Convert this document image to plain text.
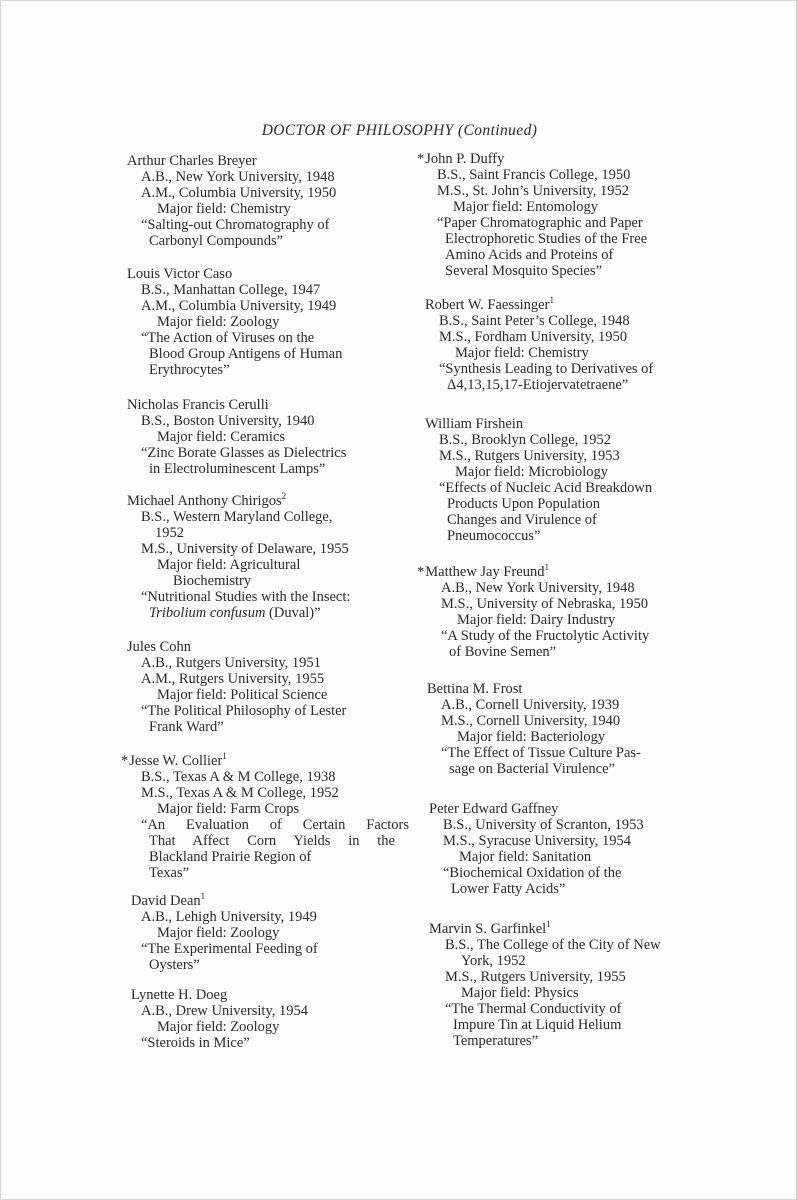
DOCTOR OF PHILOSOPHY (Continued)
Arthur Charles Breyer
A.B., New York University, 1948
A.M., Columbia University, 1950
Major field: Chemistry
“Salting-out Chromatography of
Carbonyl Compounds”
Louis Victor Caso
B.S., Manhattan College, 1947
A.M., Columbia University, 1949
Major field: Zoology
“The Action of Viruses on the
Blood Group Antigens of Human
Erythrocytes”
Nicholas Francis Cerulli
B.S., Boston University, 1940
Major field: Ceramics
“Zinc Borate Glasses as Dielectrics
in Electroluminescent Lamps”
Michael Anthony Chirigos$^2$
B.S., Western Maryland College,
1952
M.S., University of Delaware, 1955
Major field: Agricultural
Biochemistry
“Nutritional Studies with the Insect:
Tribolium confusum (Duval)”
Jules Cohn
A.B., Rutgers University, 1951
A.M., Rutgers University, 1955
Major field: Political Science
“The Political Philosophy of Lester
Frank Ward”
*Jesse W. Collier$^1$
B.S., Texas A & M College, 1938
M.S., Texas A & M College, 1952
Major field: Farm Crops
“An Evaluation of Certain Factors
That Affect Corn Yields in the
Blackland Prairie Region of
Texas”
David Dean$^1$
A.B., Lehigh University, 1949
Major field: Zoology
“The Experimental Feeding of
Oysters”
Lynette H. Doeg
A.B., Drew University, 1954
Major field: Zoology
“Steroids in Mice”
*John P. Duffy
B.S., Saint Francis College, 1950
M.S., St. John’s University, 1952
Major field: Entomology
“Paper Chromatographic and Paper
Electrophoretic Studies of the Free
Amino Acids and Proteins of
Several Mosquito Species”
Robert W. Faessinger$^1$
B.S., Saint Peter’s College, 1948
M.S., Fordham University, 1950
Major field: Chemistry
“Synthesis Leading to Derivatives of
Δ4,13,15,17-Etiojervatetraene”
William Firshein
B.S., Brooklyn College, 1952
M.S., Rutgers University, 1953
Major field: Microbiology
“Effects of Nucleic Acid Breakdown
Products Upon Population
Changes and Virulence of
Pneumococcus”
*Matthew Jay Freund$^1$
A.B., New York University, 1948
M.S., University of Nebraska, 1950
Major field: Dairy Industry
“A Study of the Fructolytic Activity
of Bovine Semen”
Bettina M. Frost
A.B., Cornell University, 1939
M.S., Cornell University, 1940
Major field: Bacteriology
“The Effect of Tissue Culture Pas-
sage on Bacterial Virulence”
Peter Edward Gaffney
B.S., University of Scranton, 1953
M.S., Syracuse University, 1954
Major field: Sanitation
“Biochemical Oxidation of the
Lower Fatty Acids”
Marvin S. Garfinkel$^1$
B.S., The College of the City of New
York, 1952
M.S., Rutgers University, 1955
Major field: Physics
“The Thermal Conductivity of
Impure Tin at Liquid Helium
Temperatures”
